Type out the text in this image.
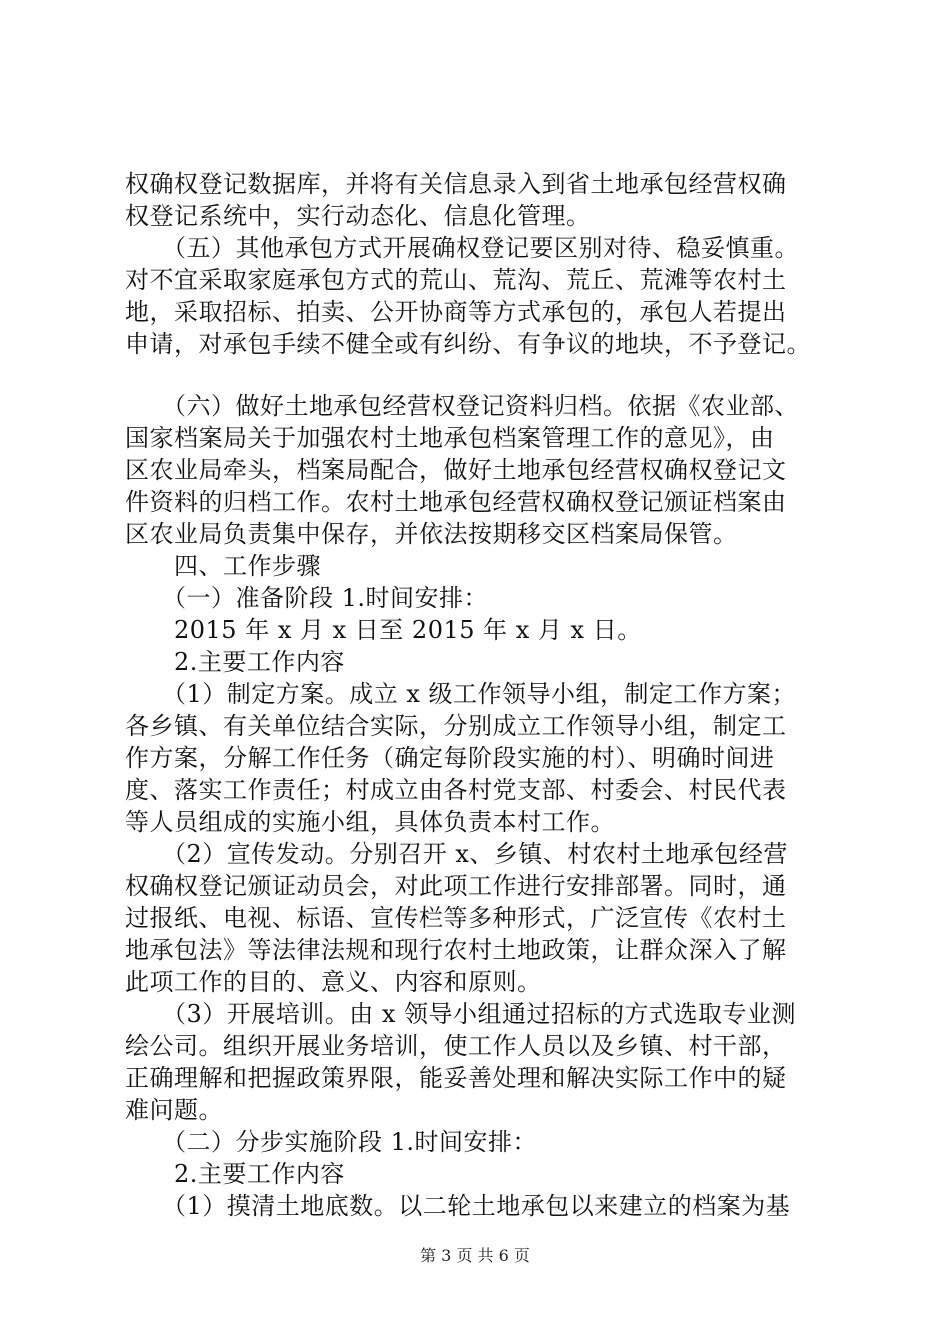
权确权登记数据库，并将有关信息录入到省土地承包经营权确
权登记系统中，实行动态化、信息化管理。
　　（五）其他承包方式开展确权登记要区别对待、稳妥慎重。
对不宜采取家庭承包方式的荒山、荒沟、荒丘、荒滩等农村土
地，采取招标、拍卖、公开协商等方式承包的，承包人若提出
申请，对承包手续不健全或有纠纷、有争议的地块，不予登记。
　　（六）做好土地承包经营权登记资料归档。依据《农业部、
国家档案局关于加强农村土地承包档案管理工作的意见》，由
区农业局牵头，档案局配合，做好土地承包经营权确权登记文
件资料的归档工作。农村土地承包经营权确权登记颁证档案由
区农业局负责集中保存，并依法按期移交区档案局保管。
　　四、工作步骤
　　（一）准备阶段 1.时间安排：
　　2015 年 x 月 x 日至 2015 年 x 月 x 日。
　　2.主要工作内容
　　（1）制定方案。成立 x 级工作领导小组，制定工作方案；
各乡镇、有关单位结合实际，分别成立工作领导小组，制定工
作方案，分解工作任务（确定每阶段实施的村）、明确时间进
度、落实工作责任；村成立由各村党支部、村委会、村民代表
等人员组成的实施小组，具体负责本村工作。
　　（2）宣传发动。分别召开 x、乡镇、村农村土地承包经营
权确权登记颁证动员会，对此项工作进行安排部署。同时，通
过报纸、电视、标语、宣传栏等多种形式，广泛宣传《农村土
地承包法》等法律法规和现行农村土地政策，让群众深入了解
此项工作的目的、意义、内容和原则。
　　（3）开展培训。由 x 领导小组通过招标的方式选取专业测
绘公司。组织开展业务培训，使工作人员以及乡镇、村干部，
正确理解和把握政策界限，能妥善处理和解决实际工作中的疑
难问题。
　　（二）分步实施阶段 1.时间安排：
　　2.主要工作内容
　　（1）摸清土地底数。以二轮土地承包以来建立的档案为基
第 3 页 共 6 页
